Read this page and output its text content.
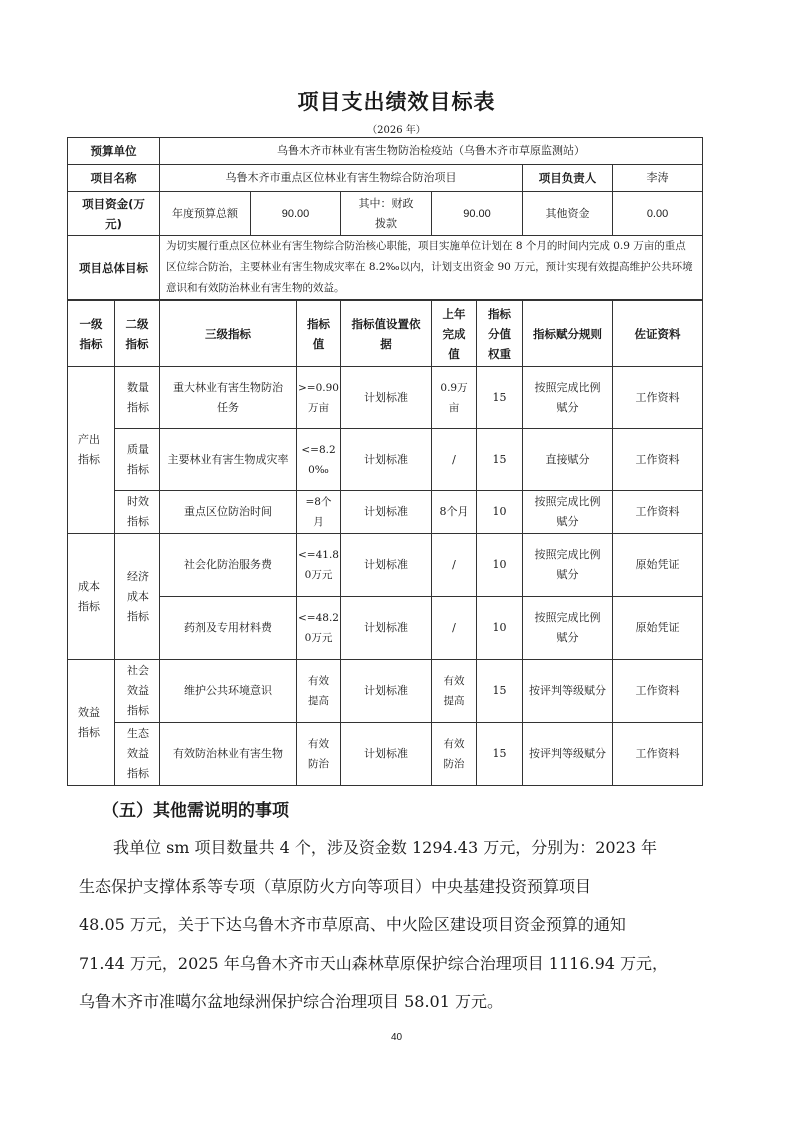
项目支出绩效目标表
（2026 年）
预算单位	乌鲁木齐市林业有害生物防治检疫站（乌鲁木齐市草原监测站）					
项目名称	乌鲁木齐市重点区位林业有害生物综合防治项目				项目负责人	李涛
项目资金(万元)	年度预算总额	90.00	其中：财政拨款	90.00	其他资金	0.00
项目总体目标	为切实履行重点区位林业有害生物综合防治核心职能，项目实施单位计划在 8 个月的时间内完成 0.9 万亩的重点区位综合防治，主要林业有害生物成灾率在 8.2‰以内，计划支出资金 90 万元，预计实现有效提高维护公共环境意识和有效防治林业有害生物的效益。					
一级指标	二级指标	三级指标	指标值	指标值设置依据	上年完成值	指标分值权重	指标赋分规则	佐证资料
产出指标	数量指标	重大林业有害生物防治任务	>=0.90万亩	计划标准	0.9万亩	15	按照完成比例赋分	工作资料
	质量指标	主要林业有害生物成灾率	<=8.20‰	计划标准	/	15	直接赋分	工作资料
	时效指标	重点区位防治时间	=8个月	计划标准	8个月	10	按照完成比例赋分	工作资料
成本指标	经济成本指标	社会化防治服务费	<=41.80万元	计划标准	/	10	按照完成比例赋分	原始凭证
		药剂及专用材料费	<=48.20万元	计划标准	/	10	按照完成比例赋分	原始凭证
效益指标	社会效益指标	维护公共环境意识	有效提高	计划标准	有效提高	15	按评判等级赋分	工作资料
	生态效益指标	有效防治林业有害生物	有效防治	计划标准	有效防治	15	按评判等级赋分	工作资料
（五）其他需说明的事项

我单位 sm 项目数量共 4 个，涉及资金数 1294.43 万元，分别为：2023 年

生态保护支撑体系等专项（草原防火方向等项目）中央基建投资预算项目

48.05 万元，关于下达乌鲁木齐市草原高、中火险区建设项目资金预算的通知

71.44 万元，2025 年乌鲁木齐市天山森林草原保护综合治理项目 1116.94 万元，

乌鲁木齐市准噶尔盆地绿洲保护综合治理项目 58.01 万元。

40
